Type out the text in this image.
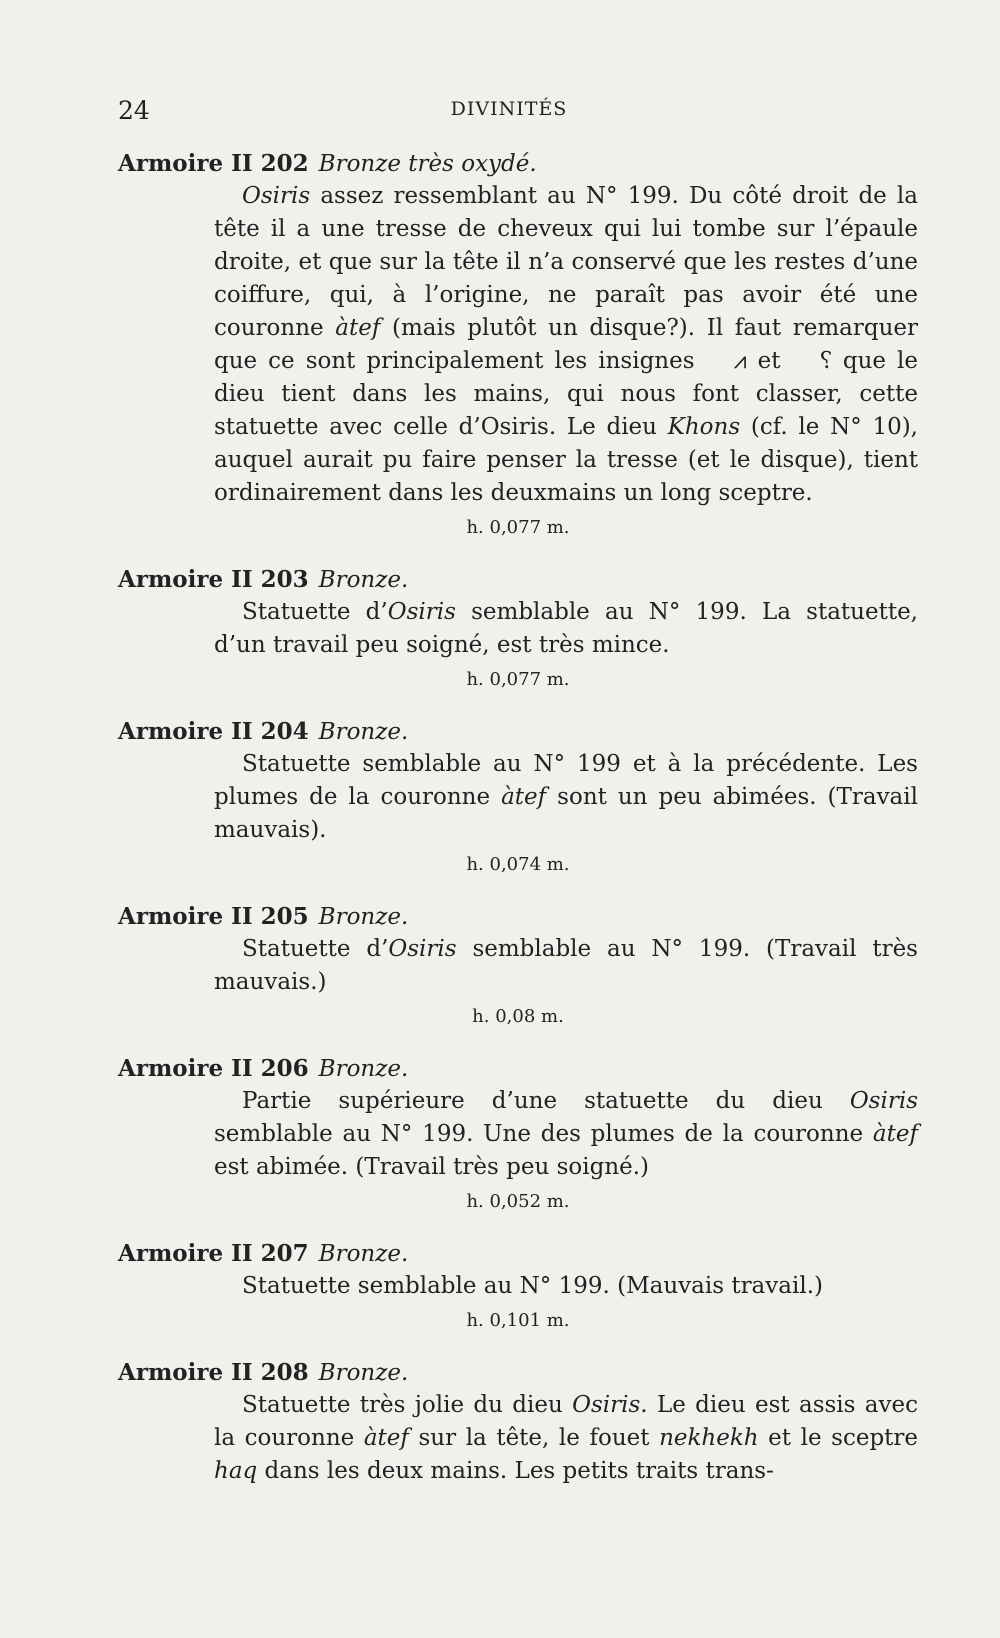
24	DIVINITÉS
Armoire II 202 Bronze très oxydé.
Osiris assez ressemblant au N° 199. Du côté droit de la tête il a une tresse de cheveux qui lui tombe sur l’épaule droite, et que sur la tête il n’a conservé que les restes d’une coiffure, qui, à l’origine, ne paraît pas avoir été une couronne àtef (mais plutôt un disque?). Il faut remarquer que ce sont principalement les insignes ⩘ et ⸮ que le dieu tient dans les mains, qui nous font classer, cette statuette avec celle d’Osiris. Le dieu Khons (cf. le N° 10), auquel aurait pu faire penser la tresse (et le disque), tient ordinairement dans les deuxmains un long sceptre.
h. 0,077 m.
Armoire II 203 Bronze.
Statuette d’Osiris semblable au N° 199. La statuette, d’un travail peu soigné, est très mince.
h. 0,077 m.
Armoire II 204 Bronze.
Statuette semblable au N° 199 et à la précédente. Les plumes de la couronne àtef sont un peu abimées. (Travail mauvais).
h. 0,074 m.
Armoire II 205 Bronze.
Statuette d’Osiris semblable au N° 199. (Travail très mauvais.)
h. 0,08 m.
Armoire II 206 Bronze.
Partie supérieure d’une statuette du dieu Osiris semblable au N° 199. Une des plumes de la couronne àtef est abimée. (Travail très peu soigné.)
h. 0,052 m.
Armoire II 207 Bronze.
Statuette semblable au N° 199. (Mauvais travail.)
h. 0,101 m.
Armoire II 208 Bronze.
Statuette très jolie du dieu Osiris. Le dieu est assis avec la couronne àtef sur la tête, le fouet nekhekh et le sceptre haq dans les deux mains. Les petits traits trans-
